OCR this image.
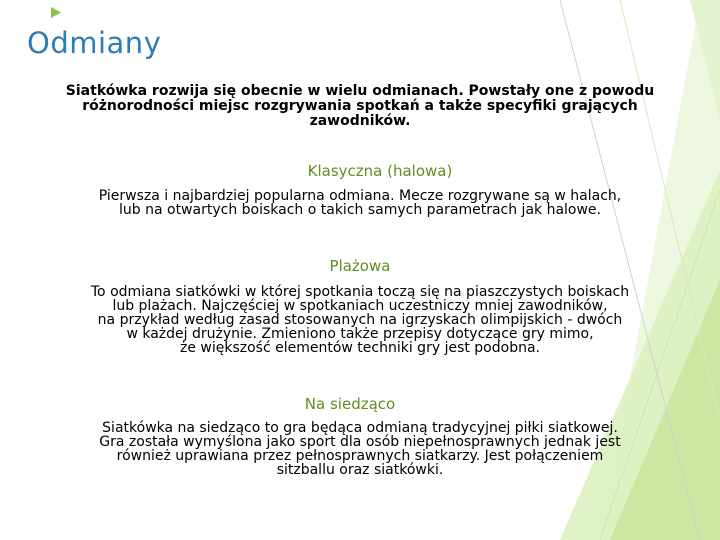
Odmiany
Siatkówka rozwija się obecnie w wielu odmianach. Powstały one z powodu
różnorodności miejsc rozgrywania spotkań a także specyfiki grających
zawodników.
Klasyczna (halowa)
Pierwsza i najbardziej popularna odmiana. Mecze rozgrywane są w halach,
lub na otwartych boiskach o takich samych parametrach jak halowe.
Plażowa
To odmiana siatkówki w której spotkania toczą się na piaszczystych boiskach
lub plażach. Najczęściej w spotkaniach uczestniczy mniej zawodników,
na przykład według zasad stosowanych na igrzyskach olimpijskich - dwóch
w każdej drużynie. Zmieniono także przepisy dotyczące gry mimo,
że większość elementów techniki gry jest podobna.
Na siedząco
Siatkówka na siedząco to gra będąca odmianą tradycyjnej piłki siatkowej.
Gra została wymyślona jako sport dla osób niepełnosprawnych jednak jest
również uprawiana przez pełnosprawnych siatkarzy. Jest połączeniem
sitzballu oraz siatkówki.
